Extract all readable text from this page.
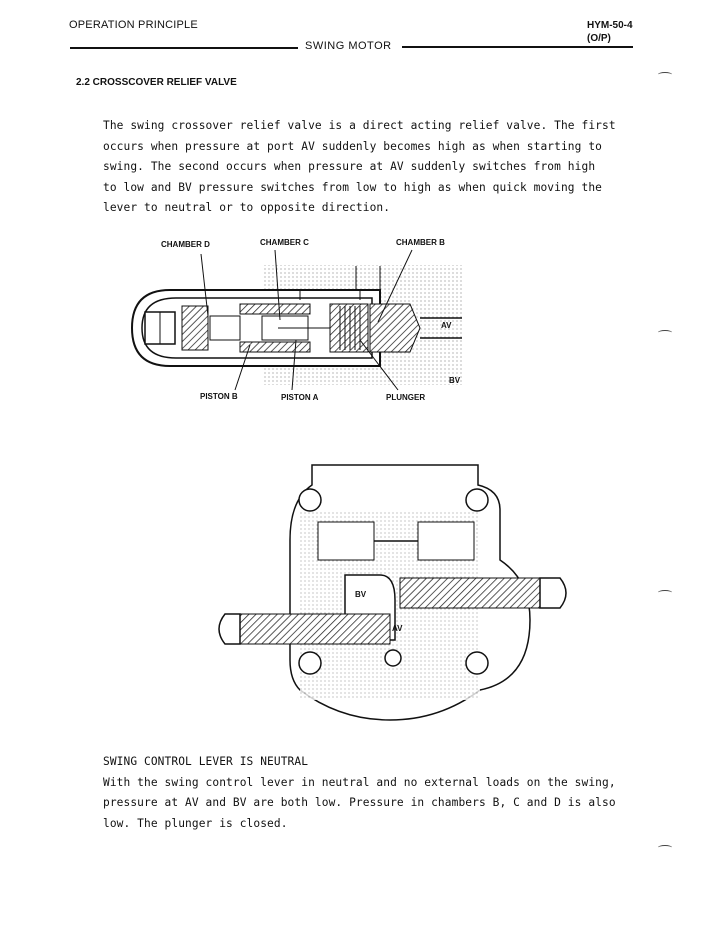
OPERATION PRINCIPLE	HYM-50-4
(O/P)
SWING MOTOR
2.2 CROSSCOVER RELIEF VALVE
The swing crossover relief valve is a direct acting relief valve. The first
occurs when pressure at port AV suddenly becomes high as when starting to
swing. The second occurs when pressure at AV suddenly switches from high
to low and BV pressure switches from low to high as when quick moving the
lever to neutral or to opposite direction.
CHAMBER D	CHAMBER C	CHAMBER B
AV
BV
PISTON B	PISTON A	PLUNGER
BV
AV
SWING CONTROL LEVER IS NEUTRAL
With the swing control lever in neutral and no external loads on the swing,
pressure at AV and BV are both low. Pressure in chambers B, C and D is also
low. The plunger is closed.
